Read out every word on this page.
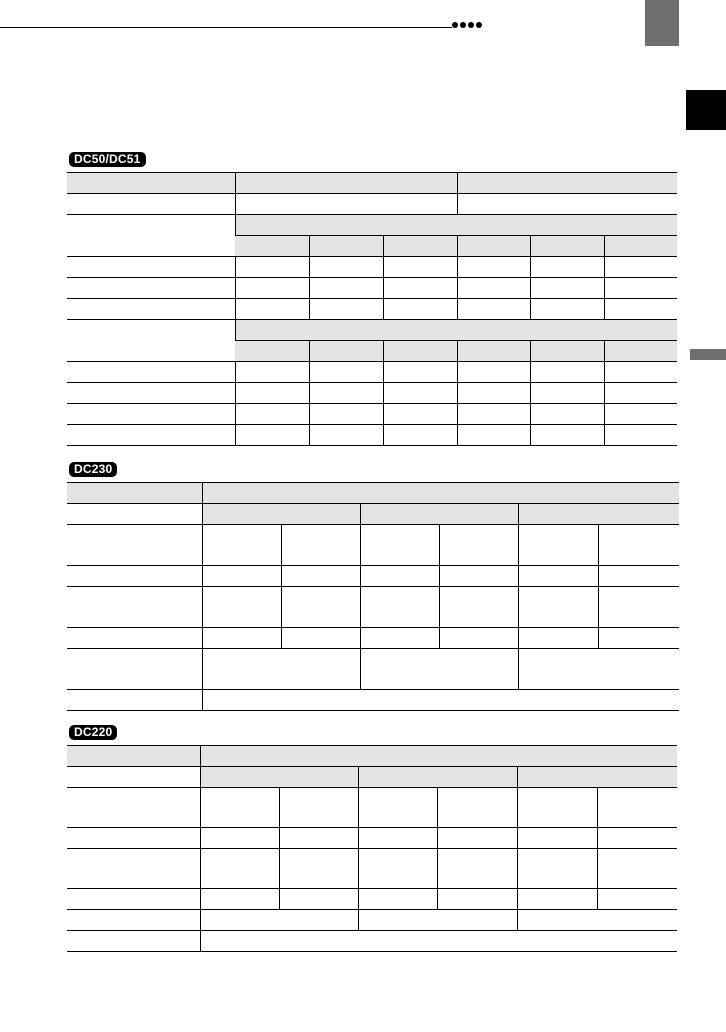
DC50/DC51

DC230

DC220
